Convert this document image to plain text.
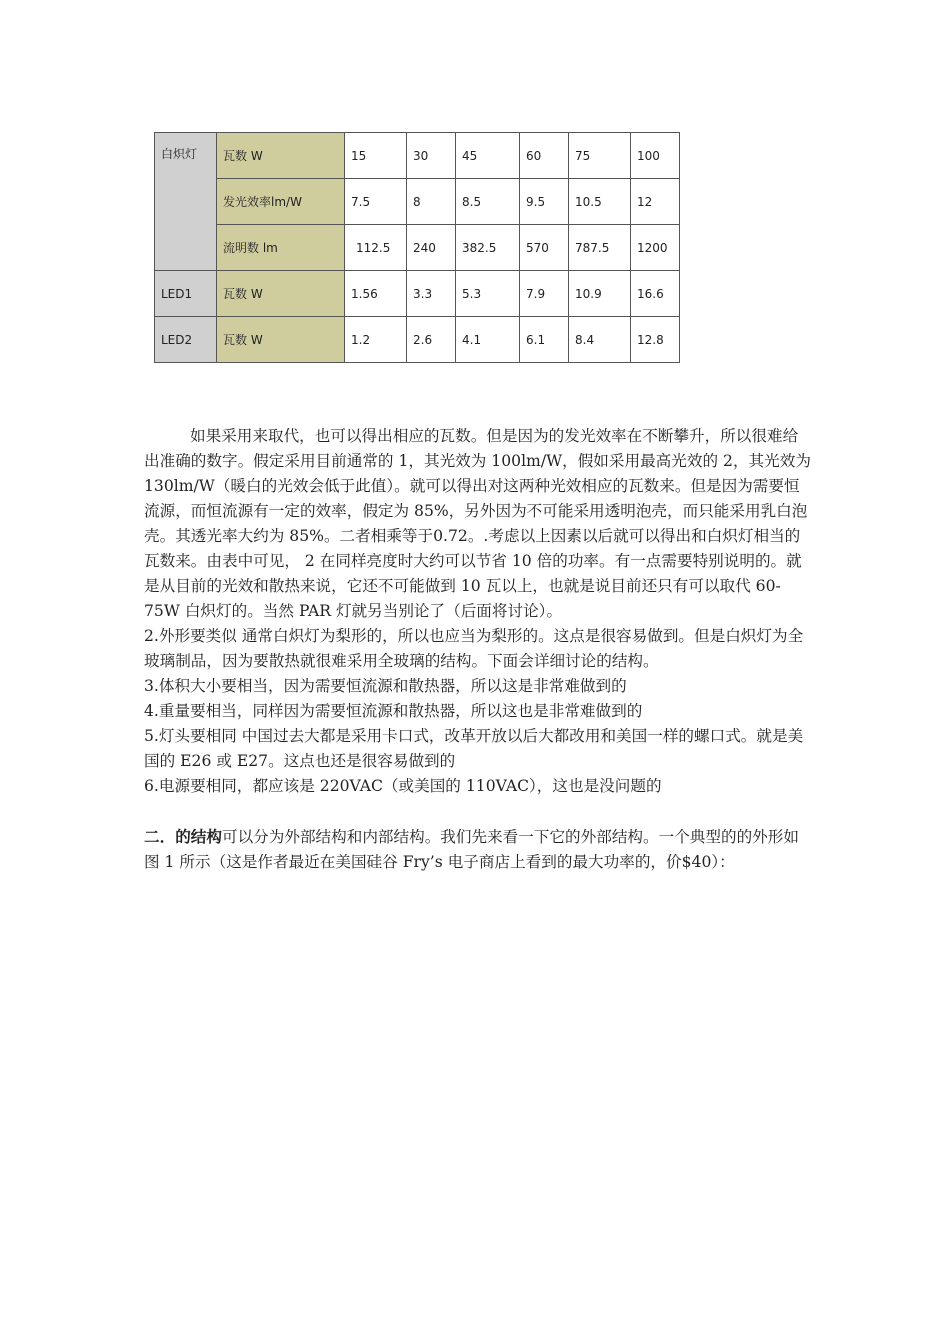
白炽灯	瓦数 W	15	30	45	60	75	100
	发光效率lm/W	7.5	8	8.5	9.5	10.5	12
	流明数 lm	112.5	240	382.5	570	787.5	1200
LED1	瓦数 W	1.56	3.3	5.3	7.9	10.9	16.6
LED2	瓦数 W	1.2	2.6	4.1	6.1	8.4	12.8

如果采用来取代，也可以得出相应的瓦数。但是因为的发光效率在不断攀升，所以很难给出准确的数字。假定采用目前通常的 1，其光效为 100lm/W，假如采用最高光效的 2，其光效为 130lm/W（暖白的光效会低于此值）。就可以得出对这两种光效相应的瓦数来。但是因为需要恒流源，而恒流源有一定的效率，假定为 85%，另外因为不可能采用透明泡壳，而只能采用乳白泡壳。其透光率大约为 85%。二者相乘等于0.72。.考虑以上因素以后就可以得出和白炽灯相当的瓦数来。由表中可见， 2 在同样亮度时大约可以节省 10 倍的功率。有一点需要特别说明的。就是从目前的光效和散热来说，它还不可能做到 10 瓦以上，也就是说目前还只有可以取代 60-75W 白炽灯的。当然 PAR 灯就另当别论了（后面将讨论）。

2.外形要类似 通常白炽灯为梨形的，所以也应当为梨形的。这点是很容易做到。但是白炽灯为全玻璃制品，因为要散热就很难采用全玻璃的结构。下面会详细讨论的结构。

3.体积大小要相当，因为需要恒流源和散热器，所以这是非常难做到的

4.重量要相当，同样因为需要恒流源和散热器，所以这也是非常难做到的

5.灯头要相同 中国过去大都是采用卡口式，改革开放以后大都改用和美国一样的螺口式。就是美国的 E26 或 E27。这点也还是很容易做到的

6.电源要相同，都应该是 220VAC（或美国的 110VAC），这也是没问题的

二．的结构可以分为外部结构和内部结构。我们先来看一下它的外部结构。一个典型的的外形如图 1 所示（这是作者最近在美国硅谷 Fry’s 电子商店上看到的最大功率的，价$40）：
